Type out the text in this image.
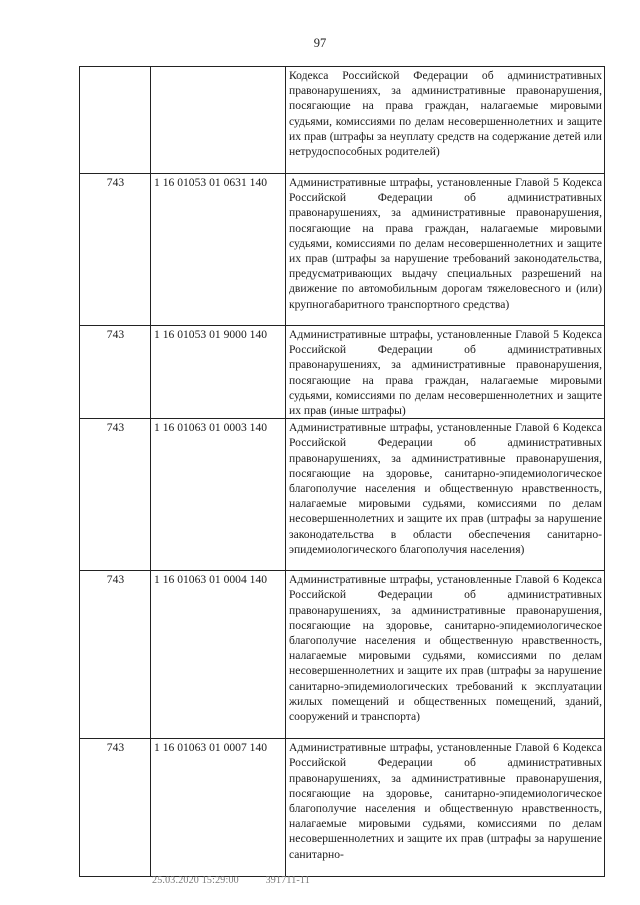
97
		Кодекса Российской Федерации об административных правонарушениях, за административные правонарушения, посягающие на права граждан, налагаемые мировыми судьями, комиссиями по делам несовершеннолетних и защите их прав (штрафы за неуплату средств на содержание детей или нетрудоспособных родителей)
743	1 16 01053 01 0631 140	Административные штрафы, установленные Главой 5 Кодекса Российской Федерации об административных правонарушениях, за административные правонарушения, посягающие на права граждан, налагаемые мировыми судьями, комиссиями по делам несовершеннолетних и защите их прав (штрафы за нарушение требований законодательства, предусматривающих выдачу специальных разрешений на движение по автомобильным дорогам тяжеловесного и (или) крупногабаритного транспортного средства)
743	1 16 01053 01 9000 140	Административные штрафы, установленные Главой 5 Кодекса Российской Федерации об административных правонарушениях, за административные правонарушения, посягающие на права граждан, налагаемые мировыми судьями, комиссиями по делам несовершеннолетних и защите их прав (иные штрафы)
743	1 16 01063 01 0003 140	Административные штрафы, установленные Главой 6 Кодекса Российской Федерации об административных правонарушениях, за административные правонарушения, посягающие на здоровье, санитарно-эпидемиологическое благополучие населения и общественную нравственность, налагаемые мировыми судьями, комиссиями по делам несовершеннолетних и защите их прав (штрафы за нарушение законодательства в области обеспечения санитарно-эпидемиологического благополучия населения)
743	1 16 01063 01 0004 140	Административные штрафы, установленные Главой 6 Кодекса Российской Федерации об административных правонарушениях, за административные правонарушения, посягающие на здоровье, санитарно-эпидемиологическое благополучие населения и общественную нравственность, налагаемые мировыми судьями, комиссиями по делам несовершеннолетних и защите их прав (штрафы за нарушение санитарно-эпидемиологических требований к эксплуатации жилых помещений и общественных помещений, зданий, сооружений и транспорта)
743	1 16 01063 01 0007 140	Административные штрафы, установленные Главой 6 Кодекса Российской Федерации об административных правонарушениях, за административные правонарушения, посягающие на здоровье, санитарно-эпидемиологическое благополучие населения и общественную нравственность, налагаемые мировыми судьями, комиссиями по делам несовершеннолетних и защите их прав (штрафы за нарушение санитарно-
25.03.2020 15:29:00	391711-11
